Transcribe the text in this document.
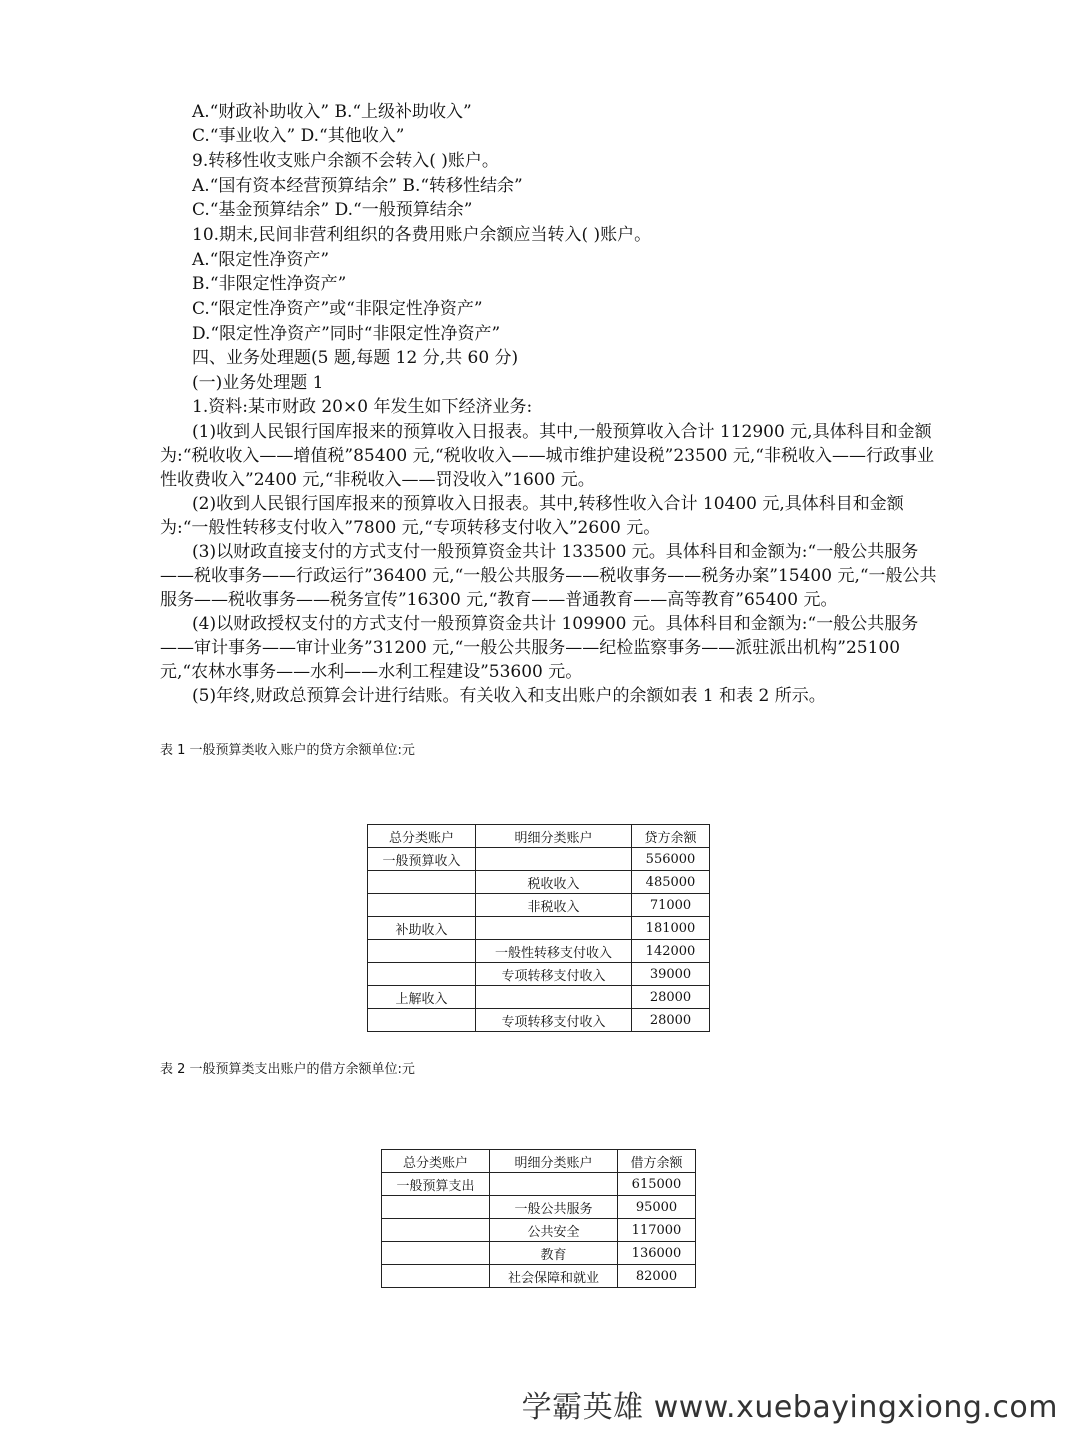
A.“财政补助收入” B.“上级补助收入”
C.“事业收入” D.“其他收入”
9.转移性收支账户余额不会转入( )账户。
A.“国有资本经营预算结余” B.“转移性结余”
C.“基金预算结余” D.“一般预算结余”
10.期末,民间非营利组织的各费用账户余额应当转入( )账户。
A.“限定性净资产”
B.“非限定性净资产”
C.“限定性净资产”或“非限定性净资产”
D.“限定性净资产”同时“非限定性净资产”
四、业务处理题(5 题,每题 12 分,共 60 分)
(一)业务处理题 1
1.资料:某市财政 20×0 年发生如下经济业务:

(1)收到人民银行国库报来的预算收入日报表。其中,一般预算收入合计 112900 元,具体科目和金额为:“税收收入——增值税”85400 元,“税收收入——城市维护建设税”23500 元,“非税收入——行政事业性收费收入”2400 元,“非税收入——罚没收入”1600 元。

(2)收到人民银行国库报来的预算收入日报表。其中,转移性收入合计 10400 元,具体科目和金额为:“一般性转移支付收入”7800 元,“专项转移支付收入”2600 元。

(3)以财政直接支付的方式支付一般预算资金共计 133500 元。具体科目和金额为:“一般公共服务——税收事务——行政运行”36400 元,“一般公共服务——税收事务——税务办案”15400 元,“一般公共服务——税收事务——税务宣传”16300 元,“教育——普通教育——高等教育”65400 元。

(4)以财政授权支付的方式支付一般预算资金共计 109900 元。具体科目和金额为:“一般公共服务——审计事务——审计业务”31200 元,“一般公共服务——纪检监察事务——派驻派出机构”25100 元,“农林水事务——水利——水利工程建设”53600 元。

(5)年终,财政总预算会计进行结账。有关收入和支出账户的余额如表 1 和表 2 所示。

表 1 一般预算类收入账户的贷方余额单位:元
总分类账户	明细分类账户	贷方余额
一般预算收入		556000
	税收收入	485000
	非税收入	71000
补助收入		181000
	一般性转移支付收入	142000
	专项转移支付收入	39000
上解收入		28000
	专项转移支付收入	28000
表 2 一般预算类支出账户的借方余额单位:元
总分类账户	明细分类账户	借方余额
一般预算支出		615000
	一般公共服务	95000
	公共安全	117000
	教育	136000
	社会保障和就业	82000
学霸英雄 www.xuebayingxiong.com
